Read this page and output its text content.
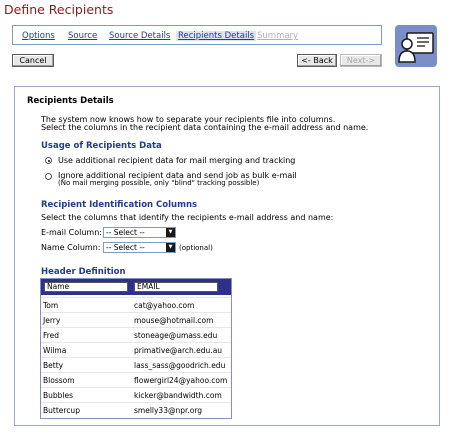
Define Recipients
Options Source Source Details Recipients Details Summary
Cancel	<- Back	Next->
Recipients Details
The system now knows how to separate your recipients file into columns.
Select the columns in the recipient data containing the e-mail address and name.
Usage of Recipients Data
Use additional recipient data for mail merging and tracking
Ignore additional recipient data and send job as bulk e-mail
(No mail merging possible, only "blind" tracking possible)
Recipient Identification Columns
Select the columns that identify the recipients e-mail address and name:
E-mail Column: -- Select --	▼
Name Column: -- Select --	▼ (optional)
Header Definition
Name	EMAIL
Tom	cat@yahoo.com
Jerry	mouse@hotmail.com
Fred	stoneage@umass.edu
Wilma	primative@arch.edu.au
Betty	lass_sass@goodrich.edu
Blossom	flowergirl24@yahoo.com
Bubbles	kicker@bandwidth.com
Buttercup	smelly33@npr.org
